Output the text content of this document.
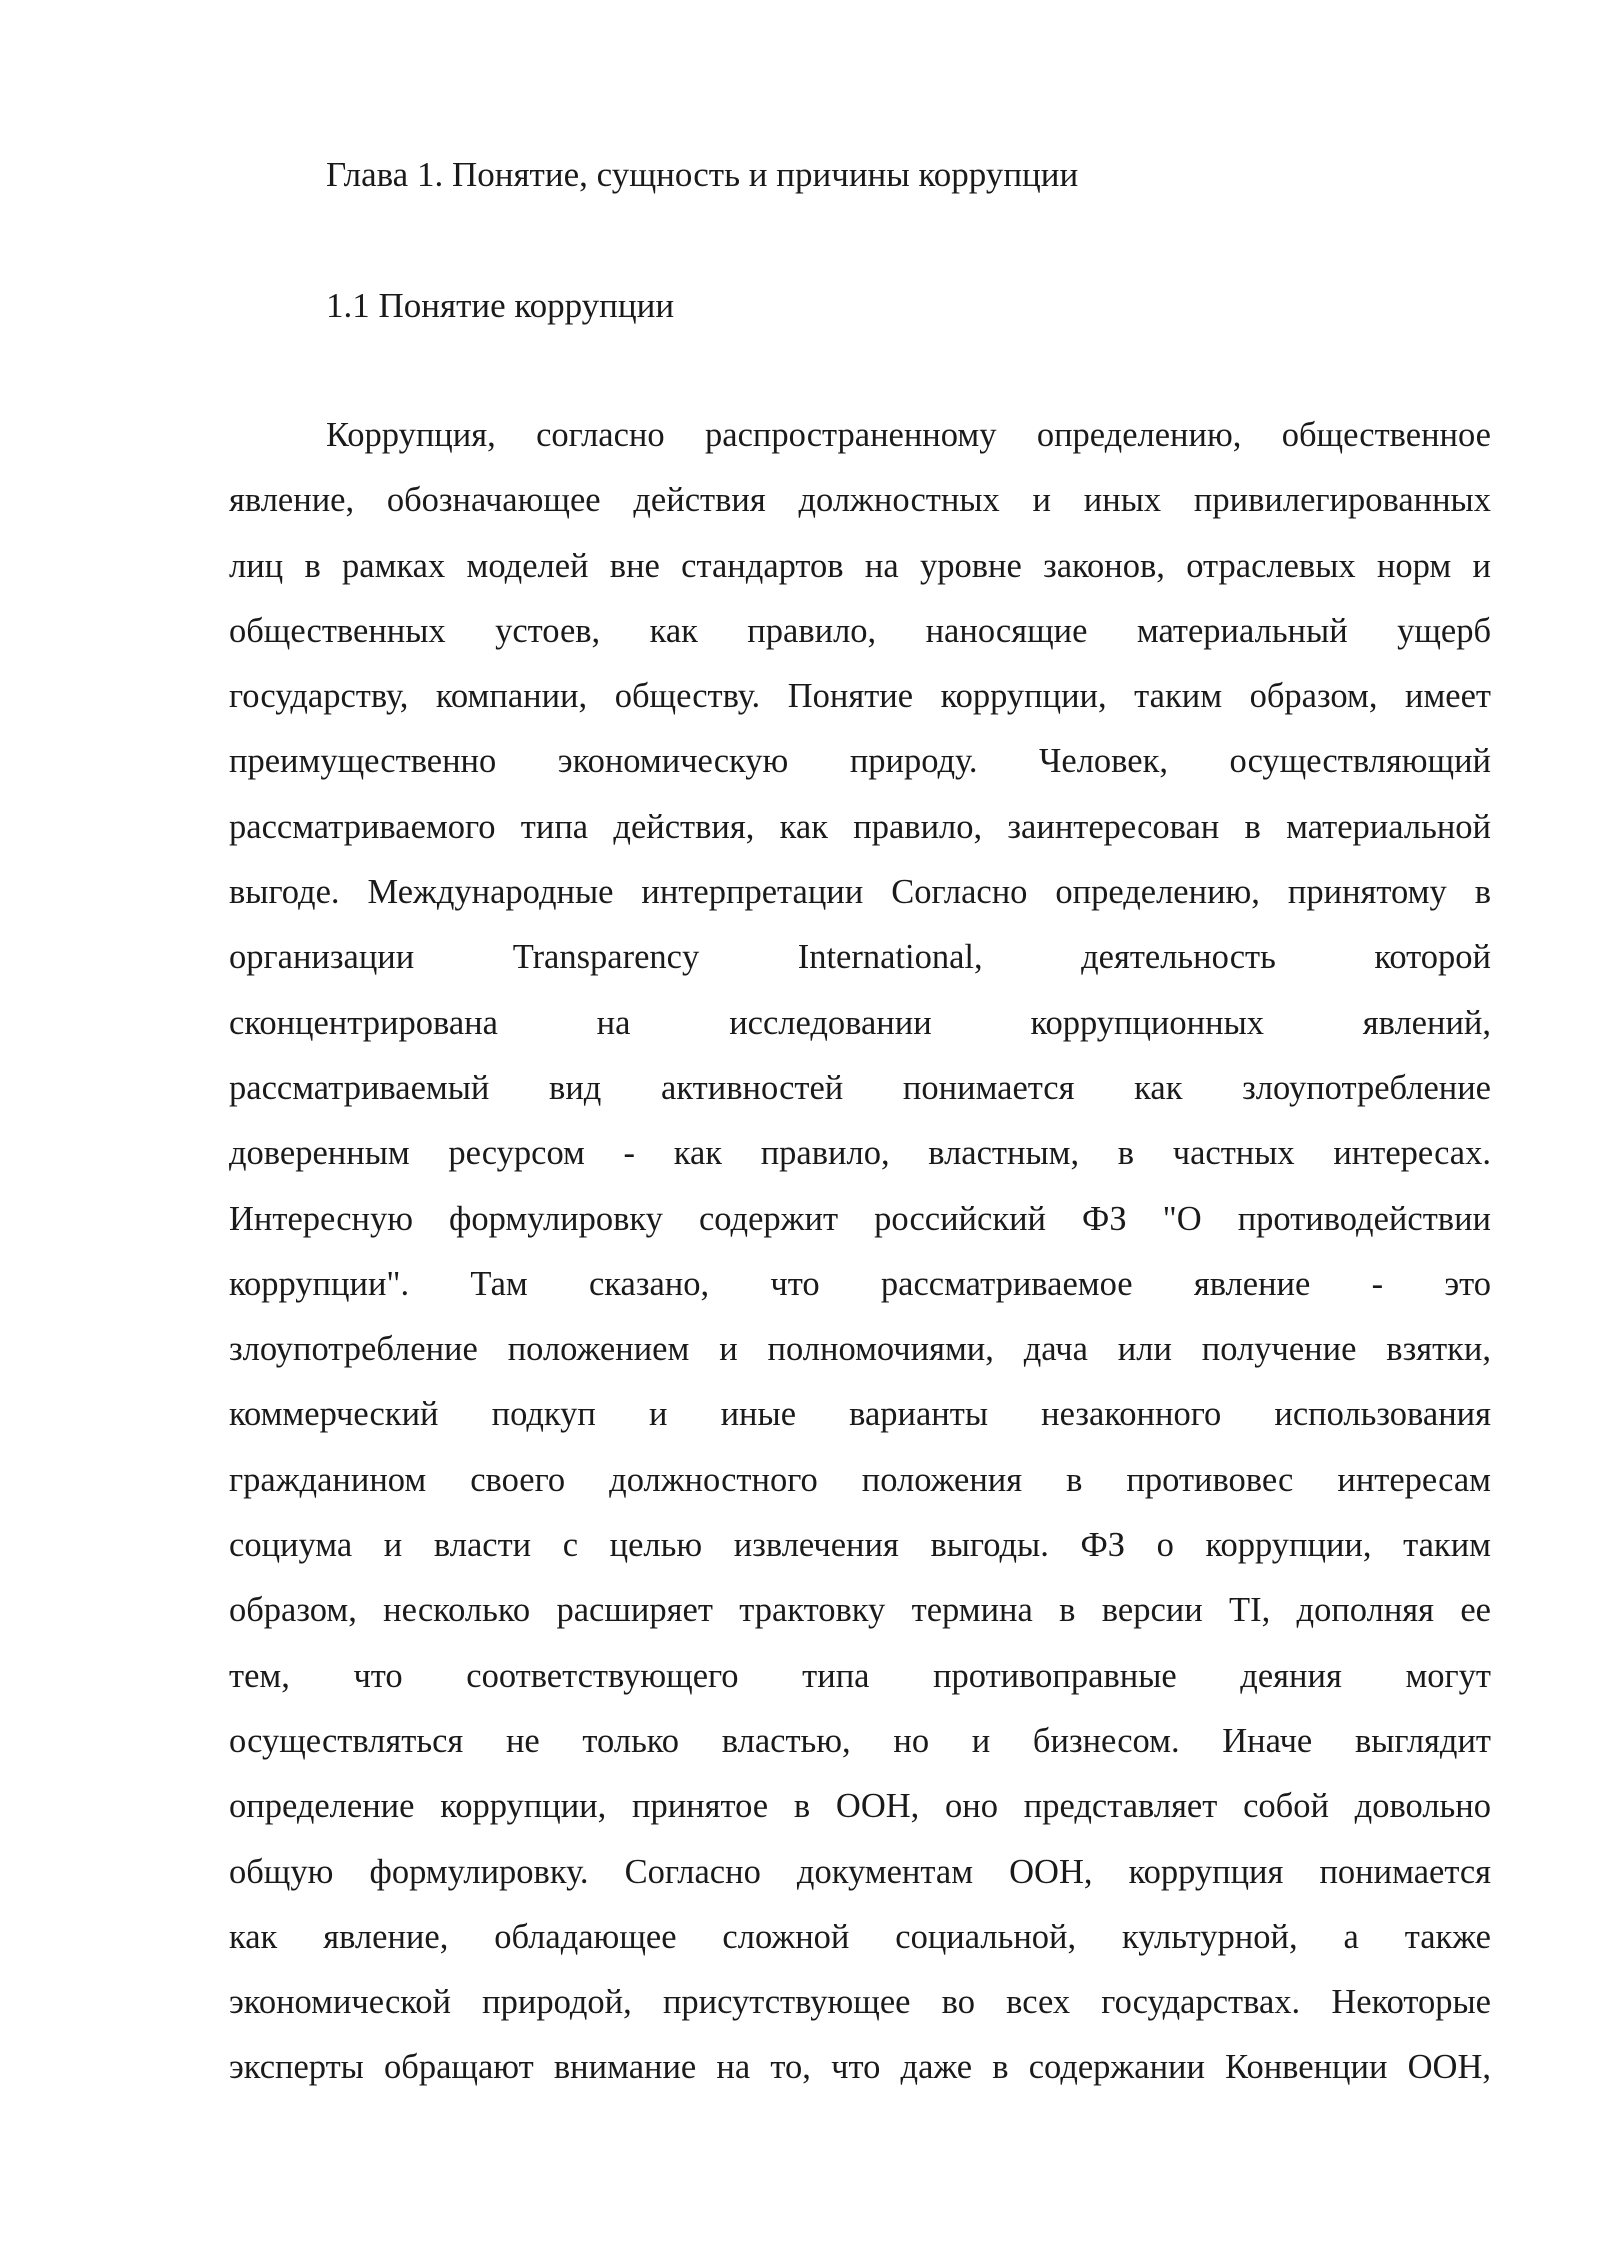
Глава 1. Понятие, сущность и причины коррупции
1.1 Понятие коррупции
Коррупция, согласно распространенному определению, общественное
явление, обозначающее действия должностных и иных привилегированных
лиц в рамках моделей вне стандартов на уровне законов, отраслевых норм и
общественных устоев, как правило, наносящие материальный ущерб
государству, компании, обществу. Понятие коррупции, таким образом, имеет
преимущественно экономическую природу. Человек, осуществляющий
рассматриваемого типа действия, как правило, заинтересован в материальной
выгоде. Международные интерпретации Согласно определению, принятому в
организации Transparency International, деятельность которой
сконцентрирована на исследовании коррупционных явлений,
рассматриваемый вид активностей понимается как злоупотребление
доверенным ресурсом - как правило, властным, в частных интересах.
Интересную формулировку содержит российский ФЗ "О противодействии
коррупции". Там сказано, что рассматриваемое явление - это
злоупотребление положением и полномочиями, дача или получение взятки,
коммерческий подкуп и иные варианты незаконного использования
гражданином своего должностного положения в противовес интересам
социума и власти с целью извлечения выгоды. ФЗ о коррупции, таким
образом, несколько расширяет трактовку термина в версии TI, дополняя ее
тем, что соответствующего типа противоправные деяния могут
осуществляться не только властью, но и бизнесом. Иначе выглядит
определение коррупции, принятое в ООН, оно представляет собой довольно
общую формулировку. Согласно документам ООН, коррупция понимается
как явление, обладающее сложной социальной, культурной, а также
экономической природой, присутствующее во всех государствах. Некоторые
эксперты обращают внимание на то, что даже в содержании Конвенции ООН,
